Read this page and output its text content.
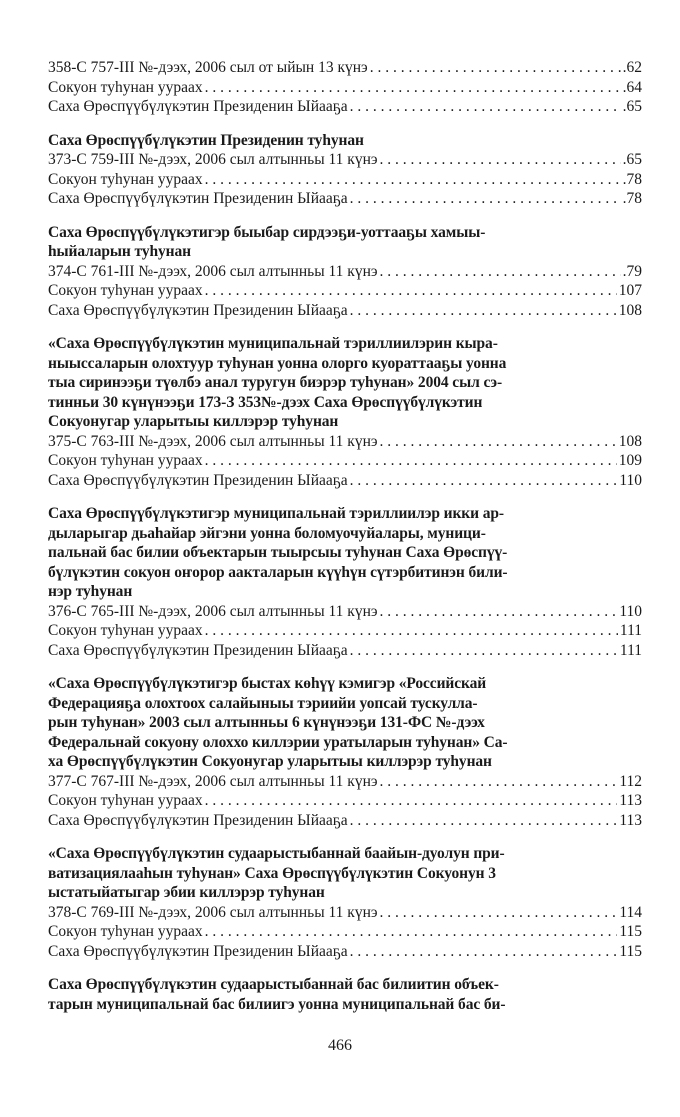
358-С 757-III №-дээх, 2006 сыл от ыйын 13 күнэ . . .	.62
Сокуон туһунан уураах . . .	.64
Саха Өрөспүүбүлүкэтин Президенин Ыйааҕа . . .	.65
Саха Өрөспүүбүлүкэтин Президенин туһунан
373-С 759-III №-дээх, 2006 сыл алтынньы 11 күнэ . . .	.65
Сокуон туһунан уураах . . .	.78
Саха Өрөспүүбүлүкэтин Президенин Ыйааҕа . . .	.78
Саха Өрөспүүбүлүкэтигэр быыбар сирдээҕи-уоттааҕы хамыы-
һыйаларын туһунан
374-С 761-III №-дээх, 2006 сыл алтынньы 11 күнэ . . .	.79
Сокуон туһунан уураах . . .	107
Саха Өрөспүүбүлүкэтин Президенин Ыйааҕа . . .	108
«Саха Өрөспүүбүлүкэтин муниципальнай тэриллиилэрин кыра-
ныыссаларын олохтуур туһунан уонна олорго куораттааҕы уонна
тыа сиринээҕи түөлбэ анал туругун биэрэр туһунан» 2004 сыл сэ-
тинньи 30 күнүнээҕи 173-З 353№-дээх Саха Өрөспүүбүлүкэтин
Сокуонугар уларытыы киллэрэр туһунан
375-С 763-III №-дээх, 2006 сыл алтынньы 11 күнэ . . .	108
Сокуон туһунан уураах . . .	109
Саха Өрөспүүбүлүкэтин Президенин Ыйааҕа . . .	110
Саха Өрөспүүбүлүкэтигэр муниципальнай тэриллиилэр икки ар-
дыларыгар дьаһайар эйгэни уонна боломуочуйалары, муници-
пальнай бас билии объектарын тыырсыы туһунан Саха Өрөспүү-
бүлүкэтин сокуон оҥорор аакталарын күүһүн сүтэрбитинэн били-
нэр туһунан
376-С 765-III №-дээх, 2006 сыл алтынньы 11 күнэ . . .	110
Сокуон туһунан уураах . . .	111
Саха Өрөспүүбүлүкэтин Президенин Ыйааҕа . . .	111
«Саха Өрөспүүбүлүкэтигэр быстах көһүү кэмигэр «Российскай
Федерацияҕа олохтоох салайыныы тэриийи уопсай тускулла-
рын туһунан» 2003 сыл алтынньы 6 күнүнээҕи 131-ФС №-дээх
Федеральнай сокуону олоххо киллэрии уратыларын туһунан» Са-
ха Өрөспүүбүлүкэтин Сокуонугар уларытыы киллэрэр туһунан
377-С 767-III №-дээх, 2006 сыл алтынньы 11 күнэ . . .	112
Сокуон туһунан уураах . . .	113
Саха Өрөспүүбүлүкэтин Президенин Ыйааҕа . . .	113
«Саха Өрөспүүбүлүкэтин судаарыстыбаннай баайын-дуолун при-
ватизациялааһын туһунан» Саха Өрөспүүбүлүкэтин Сокуонун 3
ыстатыйатыгар эбии киллэрэр туһунан
378-С 769-III №-дээх, 2006 сыл алтынньы 11 күнэ . . .	114
Сокуон туһунан уураах . . .	115
Саха Өрөспүүбүлүкэтин Президенин Ыйааҕа . . .	115
Саха Өрөспүүбүлүкэтин судаарыстыбаннай бас билиитин объек-
тарын муниципальнай бас билиигэ уонна муниципальнай бас би-
466
